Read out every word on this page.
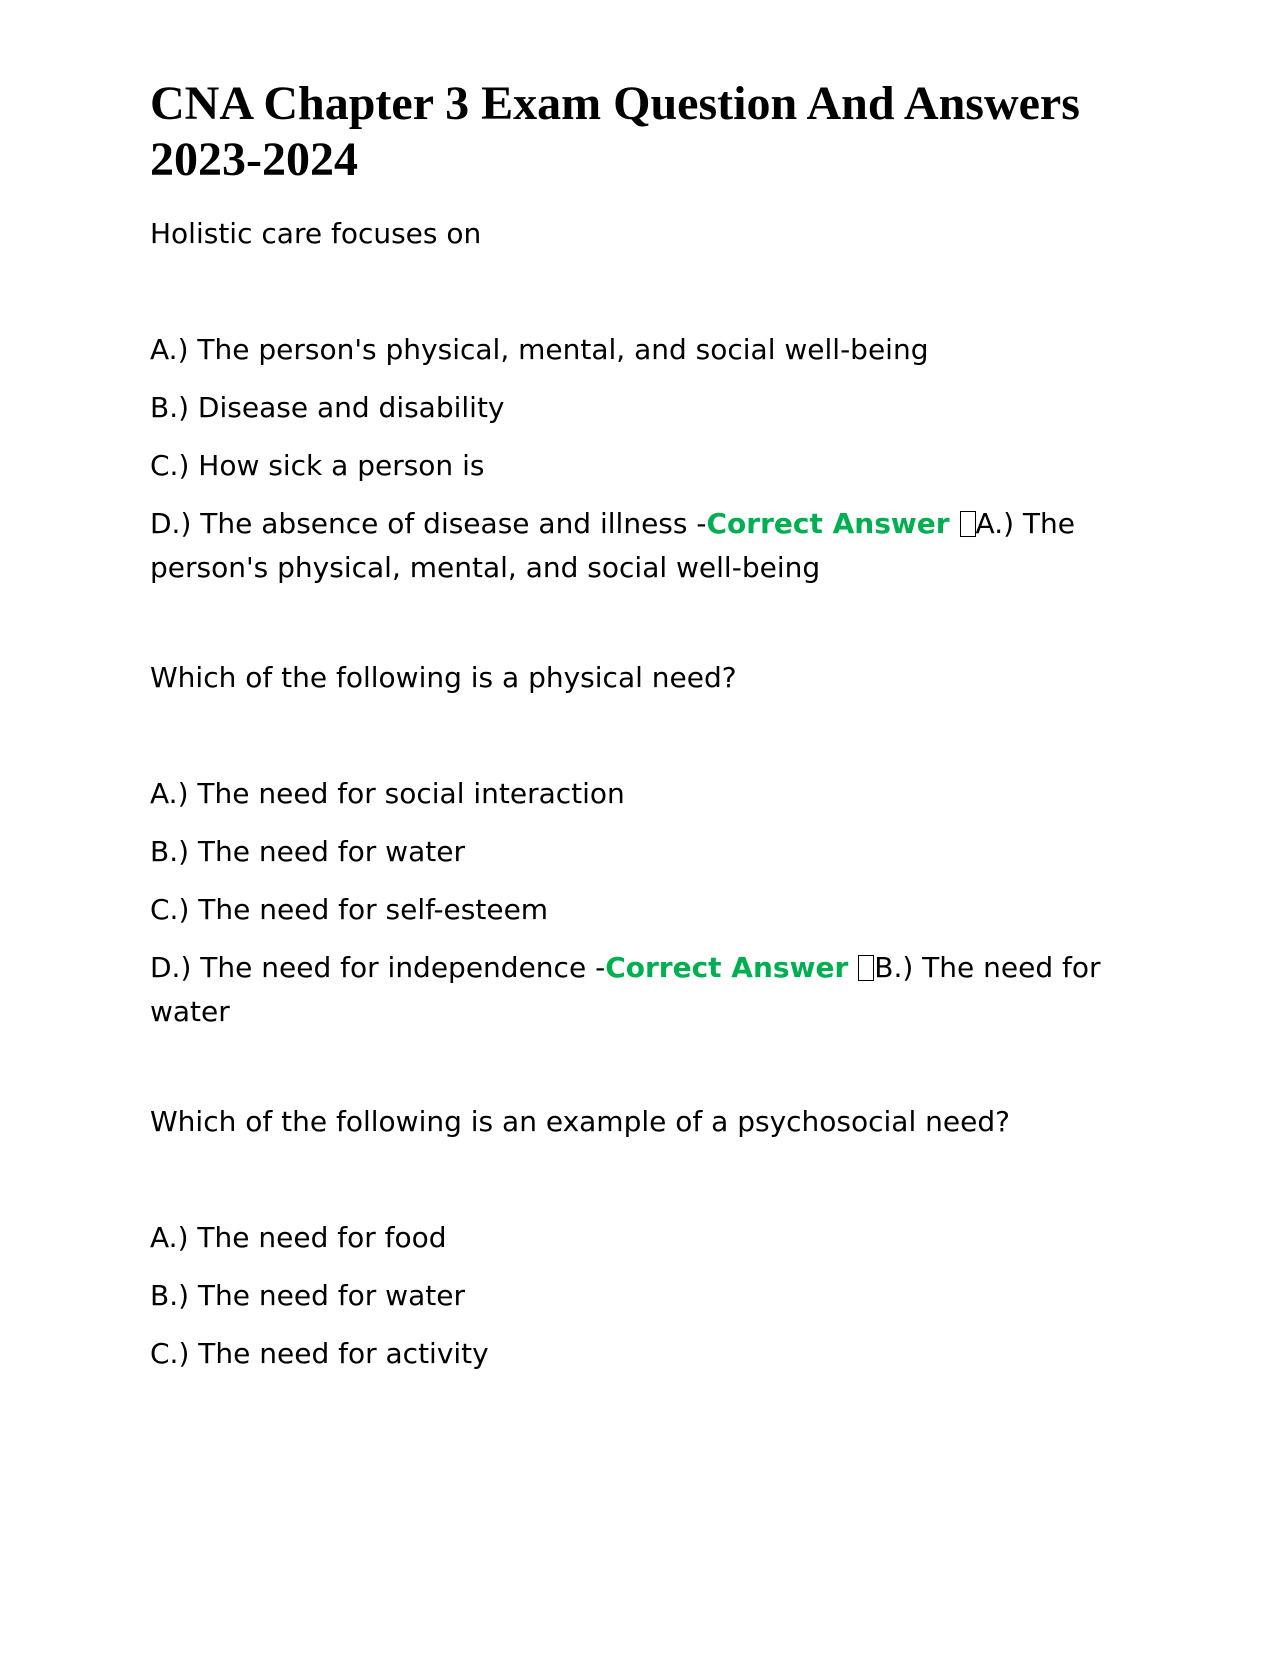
CNA Chapter 3 Exam Question And Answers 2023-2024

Holistic care focuses on

A.) The person's physical, mental, and social well-being

B.) Disease and disability

C.) How sick a person is

D.) The absence of disease and illness -Correct Answer A.) The person's physical, mental, and social well-being

Which of the following is a physical need?

A.) The need for social interaction

B.) The need for water

C.) The need for self-esteem

D.) The need for independence -Correct Answer B.) The need for water

Which of the following is an example of a psychosocial need?

A.) The need for food

B.) The need for water

C.) The need for activity
